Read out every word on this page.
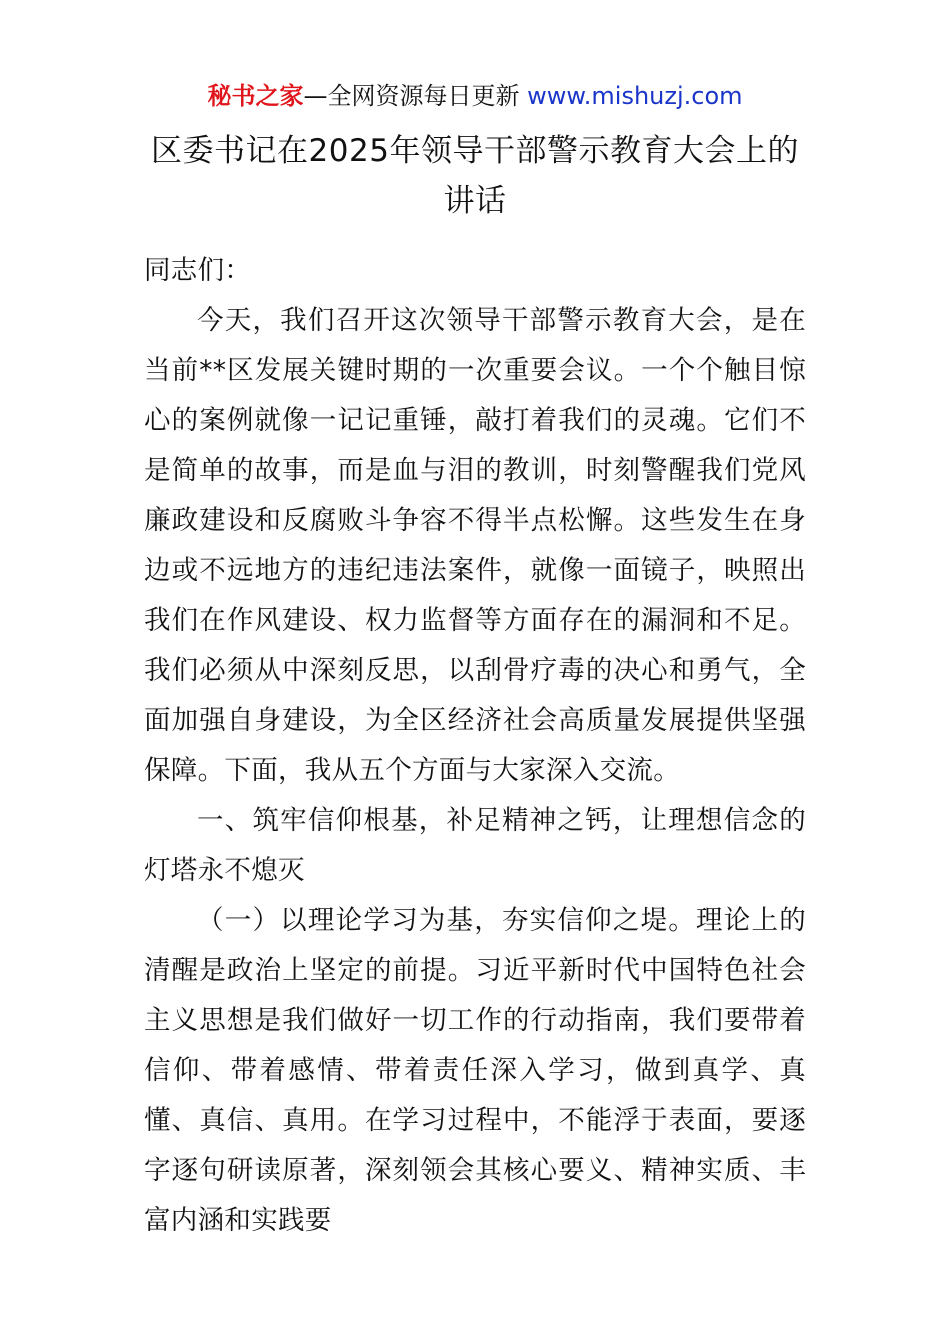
秘书之家—全网资源每日更新 www.mishuzj.com
区委书记在2025年领导干部警示教育大会上的讲话

同志们：

今天，我们召开这次领导干部警示教育大会，是在当前**区发展关键时期的一次重要会议。一个个触目惊心的案例就像一记记重锤，敲打着我们的灵魂。它们不是简单的故事，而是血与泪的教训，时刻警醒我们党风廉政建设和反腐败斗争容不得半点松懈。这些发生在身边或不远地方的违纪违法案件，就像一面镜子，映照出我们在作风建设、权力监督等方面存在的漏洞和不足。我们必须从中深刻反思，以刮骨疗毒的决心和勇气，全面加强自身建设，为全区经济社会高质量发展提供坚强保障。下面，我从五个方面与大家深入交流。

一、筑牢信仰根基，补足精神之钙，让理想信念的灯塔永不熄灭

（一）以理论学习为基，夯实信仰之堤。理论上的清醒是政治上坚定的前提。习近平新时代中国特色社会主义思想是我们做好一切工作的行动指南，我们要带着信仰、带着感情、带着责任深入学习，做到真学、真懂、真信、真用。在学习过程中，不能浮于表面，要逐字逐句研读原著，深刻领会其核心要义、精神实质、丰富内涵和实践要
